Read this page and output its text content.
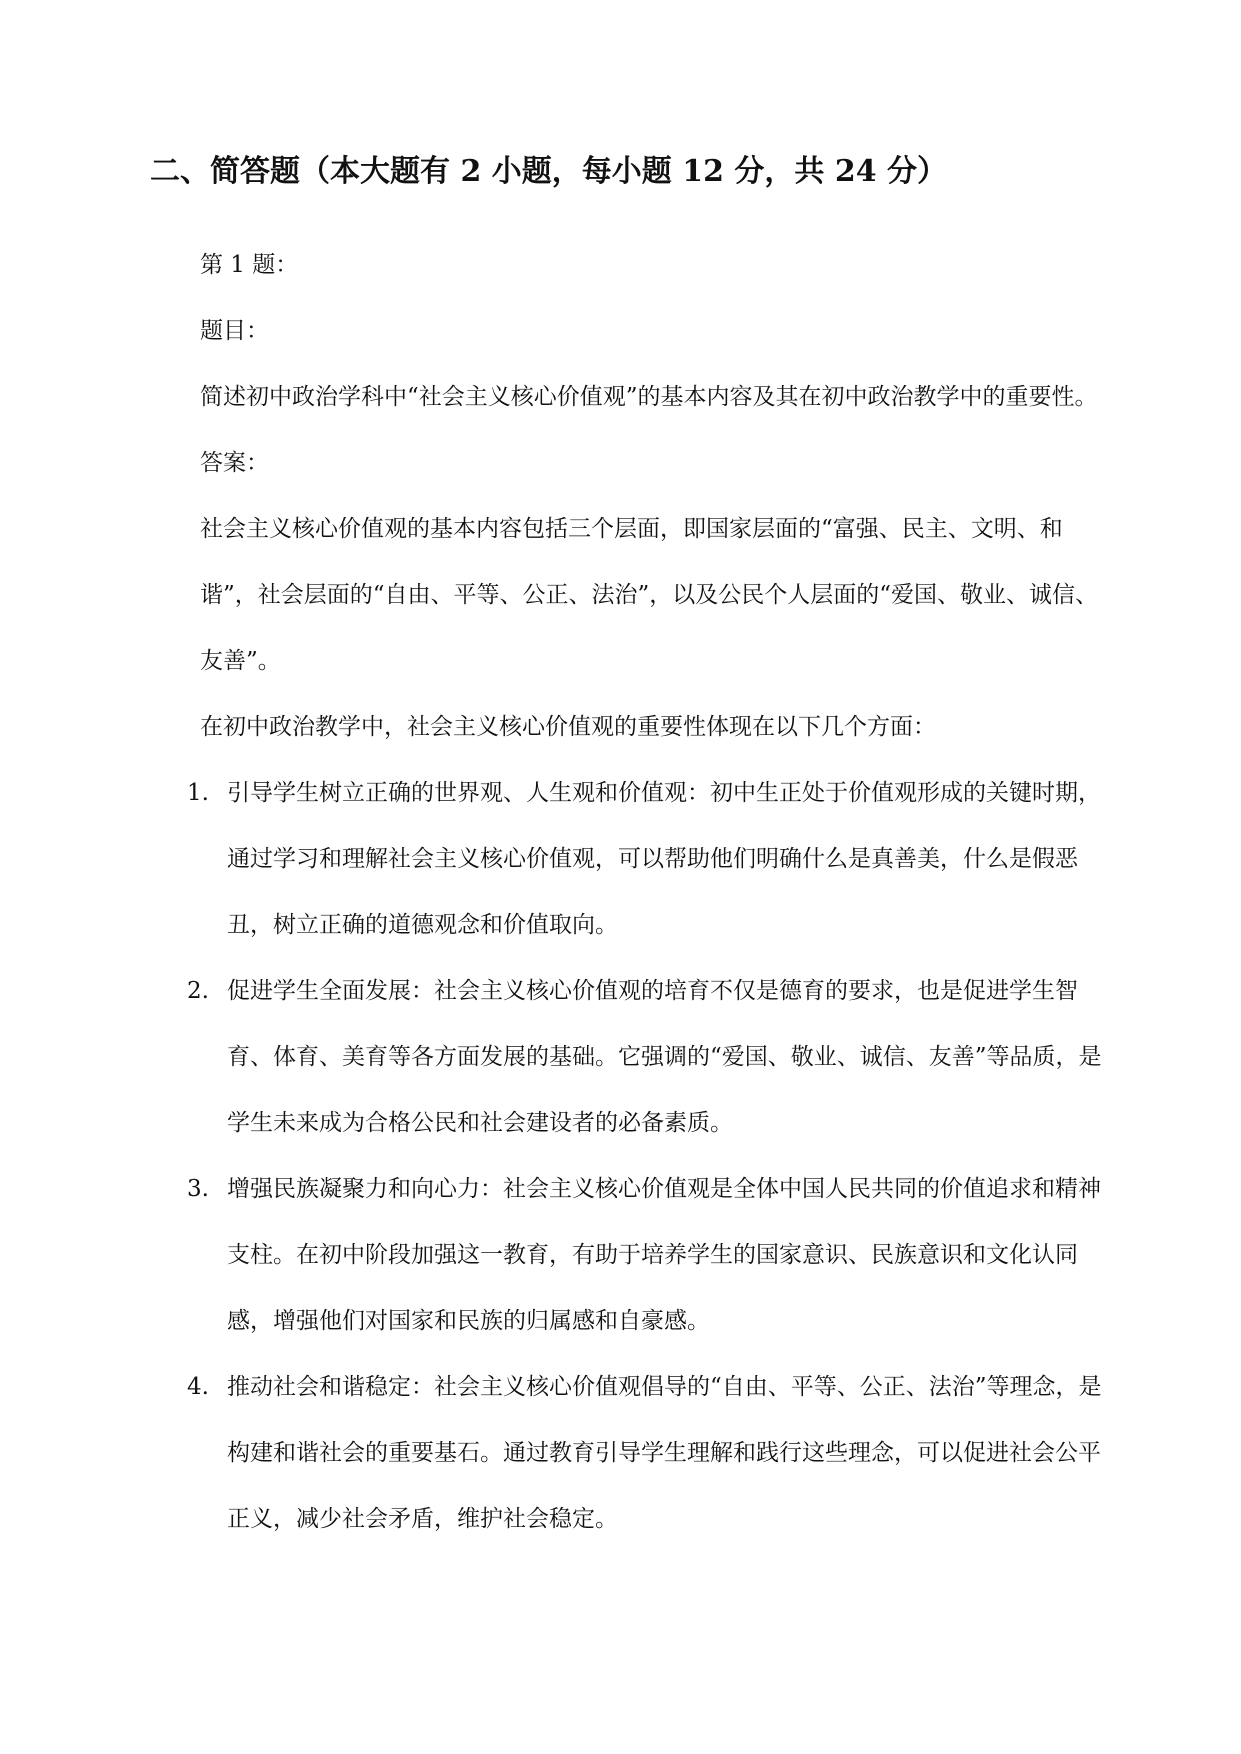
二、简答题（本大题有 2 小题，每小题 12 分，共 24 分）

第 1 题：

题目：

简述初中政治学科中“社会主义核心价值观”的基本内容及其在初中政治教学中的重要性。

答案：

社会主义核心价值观的基本内容包括三个层面，即国家层面的“富强、民主、文明、和谐”，社会层面的“自由、平等、公正、法治”，以及公民个人层面的“爱国、敬业、诚信、友善”。

在初中政治教学中，社会主义核心价值观的重要性体现在以下几个方面：

1. 引导学生树立正确的世界观、人生观和价值观：初中生正处于价值观形成的关键时期，通过学习和理解社会主义核心价值观，可以帮助他们明确什么是真善美，什么是假恶丑，树立正确的道德观念和价值取向。
2. 促进学生全面发展：社会主义核心价值观的培育不仅是德育的要求，也是促进学生智育、体育、美育等各方面发展的基础。它强调的“爱国、敬业、诚信、友善”等品质，是学生未来成为合格公民和社会建设者的必备素质。
3. 增强民族凝聚力和向心力：社会主义核心价值观是全体中国人民共同的价值追求和精神支柱。在初中阶段加强这一教育，有助于培养学生的国家意识、民族意识和文化认同感，增强他们对国家和民族的归属感和自豪感。
4. 推动社会和谐稳定：社会主义核心价值观倡导的“自由、平等、公正、法治”等理念，是构建和谐社会的重要基石。通过教育引导学生理解和践行这些理念，可以促进社会公平正义，减少社会矛盾，维护社会稳定。
